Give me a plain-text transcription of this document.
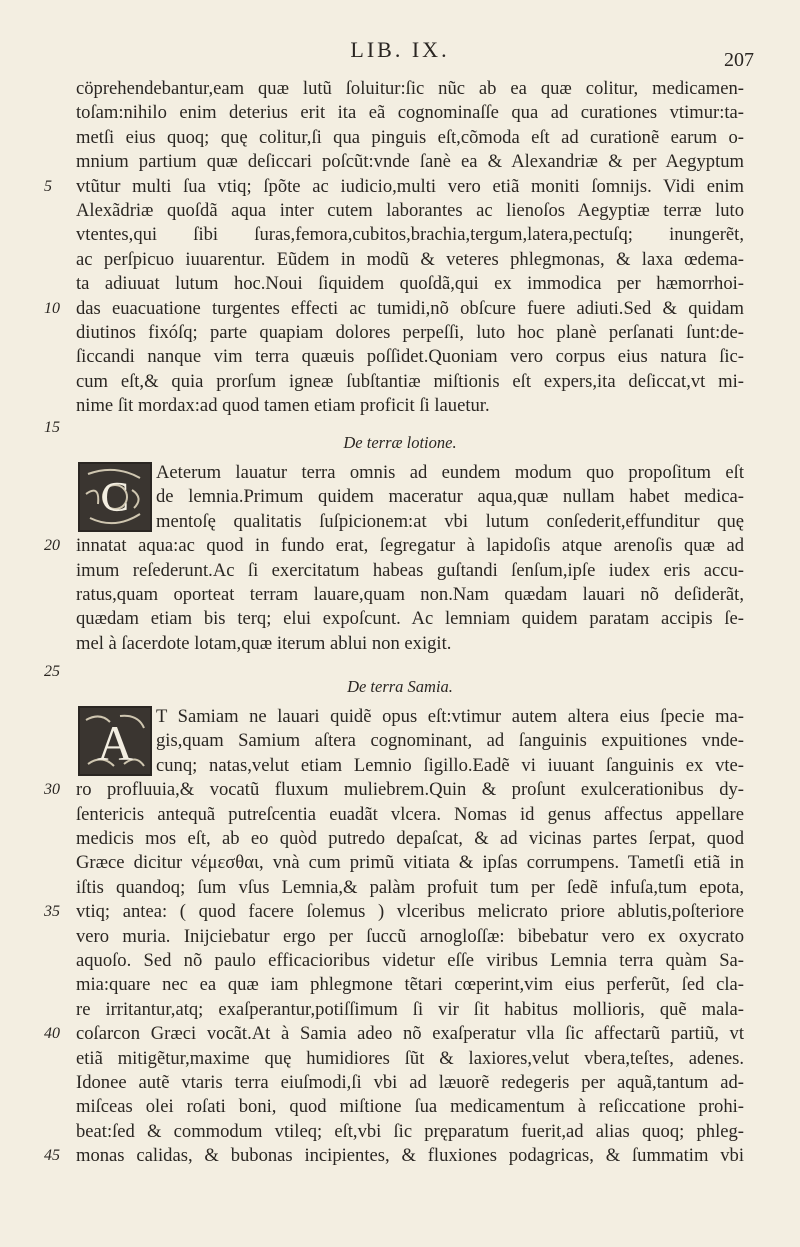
LIB. IX.	207
cöprehendebantur,eam quæ lutũ ſoluitur:ſic nũc ab ea quæ colitur, medicamen-
toſam:nihilo enim deterius erit ita eã cognominaſſe qua ad curationes vtimur:ta-
metſi eius quoq; quę colitur,ſi qua pinguis eſt,cõmoda eſt ad curationẽ earum o-
mnium partium quæ deſiccari poſcũt:vnde ſanè ea & Alexandriæ & per Aegyptum
vtũtur multi ſua vtiq; ſpõte ac iudicio,multi vero etiã moniti ſomnijs. Vidi enim
5
Alexãdriæ quoſdã aqua inter cutem laborantes ac lienoſos Aegyptiæ terræ luto
vtentes,qui ſibi ſuras,femora,cubitos,brachia,tergum,latera,pectuſq; inungerẽt,
ac perſpicuo iuuarentur. Eũdem in modũ & veteres phlegmonas, & laxa œdema-
ta adiuuat lutum hoc.Noui ſiquidem quoſdã,qui ex immodica per hæmorrhoi-
das euacuatione turgentes effecti ac tumidi,nõ obſcure fuere adiuti.Sed & quidam
10
diutinos fixóſq; parte quapiam dolores perpeſſi, luto hoc planè perſanati ſunt:de-
ſiccandi nanque vim terra quæuis poſſidet.Quoniam vero corpus eius natura ſic-
cum eſt,& quia prorſum igneæ ſubſtantiæ miſtionis eſt expers,ita deſiccat,vt mi-
nime ſit mordax:ad quod tamen etiam proficit ſi lauetur.
Aeterum lauatur terra omnis ad eundem modum quo propoſitum eſt
de lemnia.Primum quidem maceratur aqua,quæ nullam habet medica-
mentoſę qualitatis ſuſpicionem:at vbi lutum conſederit,effunditur quę
innatat aqua:ac quod in fundo erat, ſegregatur à lapidoſis atque arenoſis quæ ad
20
imum reſederunt.Ac ſi exercitatum habeas guſtandi ſenſum,ipſe iudex eris accu-
ratus,quam oporteat terram lauare,quam non.Nam quædam lauari nõ deſiderãt,
quædam etiam bis terq; elui expoſcunt. Ac lemniam quidem paratam accipis ſe-
mel à ſacerdote lotam,quæ iterum ablui non exigit.
T Samiam ne lauari quidẽ opus eſt:vtimur autem altera eius ſpecie ma-
gis,quam Samium aſtera cognominant, ad ſanguinis expuitiones vnde-
cunq; natas,velut etiam Lemnio ſigillo.Eadẽ vi iuuant ſanguinis ex vte-
ro profluuia,& vocatũ fluxum muliebrem.Quin & proſunt exulcerationibus dy-
30
ſentericis antequã putreſcentia euadãt vlcera. Nomas id genus affectus appellare
medicis mos eſt, ab eo quòd putredo depaſcat, & ad vicinas partes ſerpat, quod
Græce dicitur νέμεσθαι, vnà cum primũ vitiata & ipſas corrumpens. Tametſi etiã in
iſtis quandoq; ſum vſus Lemnia,& palàm profuit tum per ſedẽ infuſa,tum epota,
vtiq; antea: ( quod facere ſolemus ) vlceribus melicrato priore ablutis,poſteriore
35
vero muria. Inijciebatur ergo per ſuccũ arnogloſſæ: bibebatur vero ex oxycrato
aquoſo. Sed nõ paulo efficacioribus videtur eſſe viribus Lemnia terra quàm Sa-
mia:quare nec ea quæ iam phlegmone tẽtari cœperint,vim eius perferũt, ſed cla-
re irritantur,atq; exaſperantur,potiſſimum ſi vir ſit habitus mollioris, quẽ mala-
coſarcon Græci vocãt.At à Samia adeo nõ exaſperatur vlla ſic affectarũ partiũ, vt
40
etiã mitigẽtur,maxime quę humidiores ſũt & laxiores,velut vbera,teſtes, adenes.
Idonee autẽ vtaris terra eiuſmodi,ſi vbi ad læuorẽ redegeris per aquã,tantum ad-
miſceas olei roſati boni, quod miſtione ſua medicamentum à reſiccatione prohi-
beat:ſed & commodum vtileq; eſt,vbi ſic pręparatum fuerit,ad alias quoq; phleg-
monas calidas, & bubonas incipientes, & fluxiones podagricas, & ſummatim vbi
45
15
De terræ lotione.
C
25
De terra Samia.
A
